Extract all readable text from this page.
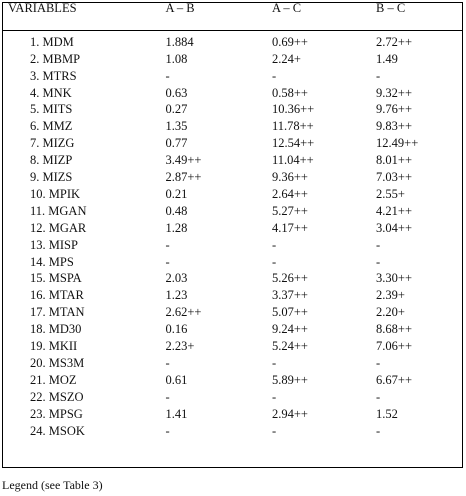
VARIABLES	A – B	A – C	B – C

1. MDM	1.884	0.69++	2.72++
2. MBMP	1.08	2.24+	1.49
3. MTRS	-	-	-
4. MNK	0.63	0.58++	9.32++
5. MITS	0.27	10.36++	9.76++
6. MMZ	1.35	11.78++	9.83++
7. MIZG	0.77	12.54++	12.49++
8. MIZP	3.49++	11.04++	8.01++
9. MIZS	2.87++	9.36++	7.03++
10. MPIK	0.21	2.64++	2.55+
11. MGAN	0.48	5.27++	4.21++
12. MGAR	1.28	4.17++	3.04++
13. MISP	-	-	-
14. MPS	-	-	-
15. MSPA	2.03	5.26++	3.30++
16. MTAR	1.23	3.37++	2.39+
17. MTAN	2.62++	5.07++	2.20+
18. MD30	0.16	9.24++	8.68++
19. MKII	2.23+	5.24++	7.06++
20. MS3M	-	-	-
21. MOZ	0.61	5.89++	6.67++
22. MSZO	-	-	-
23. MPSG	1.41	2.94++	1.52
24. MSOK	-	-	-
Legend (see Table 3)
